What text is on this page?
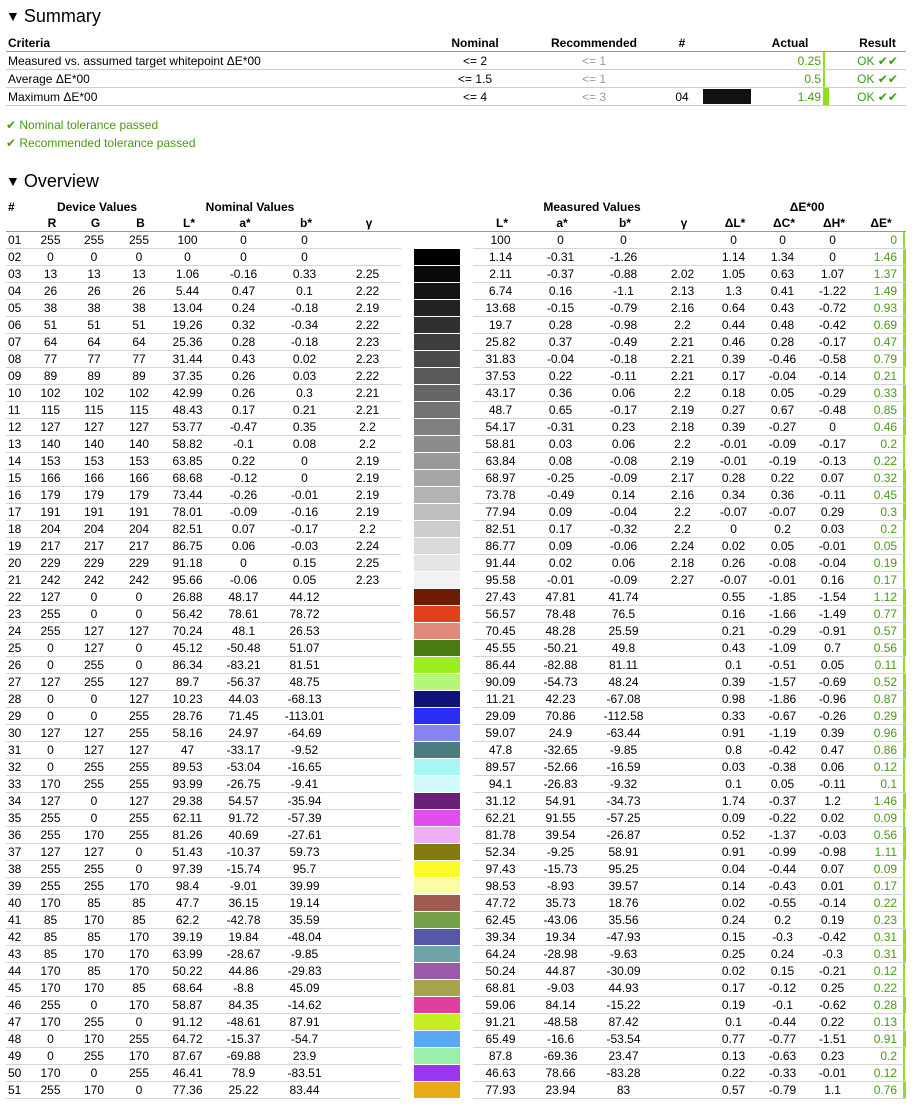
▼ Summary
Criteria	Nominal	Recommended	#		Actual		Result
Measured vs. assumed target whitepoint ΔE*00	<= 2	<= 1			0.25		OK ✔✔
Average ΔE*00	<= 1.5	<= 1			0.5		OK ✔✔
Maximum ΔE*00	<= 4	<= 3	04		1.49		OK ✔✔
✔ Nominal tolerance passed
✔ Recommended tolerance passed
▼ Overview
#	Device Values			Nominal Values					Measured Values				ΔE*00				
	R	G	B	L*	a*	b*	γ		L*	a*	b*	γ	ΔL*	ΔC*	ΔH*	ΔE*	
01	255	255	255	100	0	0			100	0	0		0	0	0	0	

02	0	0	0	0	0	0			1.14	-0.31	-1.26		1.14	1.34	0	1.46	

03	13	13	13	1.06	-0.16	0.33	2.25		2.11	-0.37	-0.88	2.02	1.05	0.63	1.07	1.37	

04	26	26	26	5.44	0.47	0.1	2.22		6.74	0.16	-1.1	2.13	1.3	0.41	-1.22	1.49	

05	38	38	38	13.04	0.24	-0.18	2.19		13.68	-0.15	-0.79	2.16	0.64	0.43	-0.72	0.93	

06	51	51	51	19.26	0.32	-0.34	2.22		19.7	0.28	-0.98	2.2	0.44	0.48	-0.42	0.69	

07	64	64	64	25.36	0.28	-0.18	2.23		25.82	0.37	-0.49	2.21	0.46	0.28	-0.17	0.47	

08	77	77	77	31.44	0.43	0.02	2.23		31.83	-0.04	-0.18	2.21	0.39	-0.46	-0.58	0.79	

09	89	89	89	37.35	0.26	0.03	2.22		37.53	0.22	-0.11	2.21	0.17	-0.04	-0.14	0.21	

10	102	102	102	42.99	0.26	0.3	2.21		43.17	0.36	0.06	2.2	0.18	0.05	-0.29	0.33	

11	115	115	115	48.43	0.17	0.21	2.21		48.7	0.65	-0.17	2.19	0.27	0.67	-0.48	0.85	

12	127	127	127	53.77	-0.47	0.35	2.2		54.17	-0.31	0.23	2.18	0.39	-0.27	0	0.46	

13	140	140	140	58.82	-0.1	0.08	2.2		58.81	0.03	0.06	2.2	-0.01	-0.09	-0.17	0.2	

14	153	153	153	63.85	0.22	0	2.19		63.84	0.08	-0.08	2.19	-0.01	-0.19	-0.13	0.22	

15	166	166	166	68.68	-0.12	0	2.19		68.97	-0.25	-0.09	2.17	0.28	0.22	0.07	0.32	

16	179	179	179	73.44	-0.26	-0.01	2.19		73.78	-0.49	0.14	2.16	0.34	0.36	-0.11	0.45	

17	191	191	191	78.01	-0.09	-0.16	2.19		77.94	0.09	-0.04	2.2	-0.07	-0.07	0.29	0.3	

18	204	204	204	82.51	0.07	-0.17	2.2		82.51	0.17	-0.32	2.2	0	0.2	0.03	0.2	

19	217	217	217	86.75	0.06	-0.03	2.24		86.77	0.09	-0.06	2.24	0.02	0.05	-0.01	0.05	

20	229	229	229	91.18	0	0.15	2.25		91.44	0.02	0.06	2.18	0.26	-0.08	-0.04	0.19	

21	242	242	242	95.66	-0.06	0.05	2.23		95.58	-0.01	-0.09	2.27	-0.07	-0.01	0.16	0.17	

22	127	0	0	26.88	48.17	44.12			27.43	47.81	41.74		0.55	-1.85	-1.54	1.12	

23	255	0	0	56.42	78.61	78.72			56.57	78.48	76.5		0.16	-1.66	-1.49	0.77	

24	255	127	127	70.24	48.1	26.53			70.45	48.28	25.59		0.21	-0.29	-0.91	0.57	

25	0	127	0	45.12	-50.48	51.07			45.55	-50.21	49.8		0.43	-1.09	0.7	0.56	

26	0	255	0	86.34	-83.21	81.51			86.44	-82.88	81.11		0.1	-0.51	0.05	0.11	

27	127	255	127	89.7	-56.37	48.75			90.09	-54.73	48.24		0.39	-1.57	-0.69	0.52	

28	0	0	127	10.23	44.03	-68.13			11.21	42.23	-67.08		0.98	-1.86	-0.96	0.87	

29	0	0	255	28.76	71.45	-113.01			29.09	70.86	-112.58		0.33	-0.67	-0.26	0.29	

30	127	127	255	58.16	24.97	-64.69			59.07	24.9	-63.44		0.91	-1.19	0.39	0.96	

31	0	127	127	47	-33.17	-9.52			47.8	-32.65	-9.85		0.8	-0.42	0.47	0.86	

32	0	255	255	89.53	-53.04	-16.65			89.57	-52.66	-16.59		0.03	-0.38	0.06	0.12	

33	170	255	255	93.99	-26.75	-9.41			94.1	-26.83	-9.32		0.1	0.05	-0.11	0.1	

34	127	0	127	29.38	54.57	-35.94			31.12	54.91	-34.73		1.74	-0.37	1.2	1.46	

35	255	0	255	62.11	91.72	-57.39			62.21	91.55	-57.25		0.09	-0.22	0.02	0.09	

36	255	170	255	81.26	40.69	-27.61			81.78	39.54	-26.87		0.52	-1.37	-0.03	0.56	

37	127	127	0	51.43	-10.37	59.73			52.34	-9.25	58.91		0.91	-0.99	-0.98	1.11	

38	255	255	0	97.39	-15.74	95.7			97.43	-15.73	95.25		0.04	-0.44	0.07	0.09	

39	255	255	170	98.4	-9.01	39.99			98.53	-8.93	39.57		0.14	-0.43	0.01	0.17	

40	170	85	85	47.7	36.15	19.14			47.72	35.73	18.76		0.02	-0.55	-0.14	0.22	

41	85	170	85	62.2	-42.78	35.59			62.45	-43.06	35.56		0.24	0.2	0.19	0.23	

42	85	85	170	39.19	19.84	-48.04			39.34	19.34	-47.93		0.15	-0.3	-0.42	0.31	

43	85	170	170	63.99	-28.67	-9.85			64.24	-28.98	-9.63		0.25	0.24	-0.3	0.31	

44	170	85	170	50.22	44.86	-29.83			50.24	44.87	-30.09		0.02	0.15	-0.21	0.12	

45	170	170	85	68.64	-8.8	45.09			68.81	-9.03	44.93		0.17	-0.12	0.25	0.22	

46	255	0	170	58.87	84.35	-14.62			59.06	84.14	-15.22		0.19	-0.1	-0.62	0.28	

47	170	255	0	91.12	-48.61	87.91			91.21	-48.58	87.42		0.1	-0.44	0.22	0.13	

48	0	170	255	64.72	-15.37	-54.7			65.49	-16.6	-53.54		0.77	-0.77	-1.51	0.91	

49	0	255	170	87.67	-69.88	23.9			87.8	-69.36	23.47		0.13	-0.63	0.23	0.2	

50	170	0	255	46.41	78.9	-83.51			46.63	78.66	-83.28		0.22	-0.33	-0.01	0.12	

51	255	170	0	77.36	25.22	83.44			77.93	23.94	83		0.57	-0.79	1.1	0.76	
